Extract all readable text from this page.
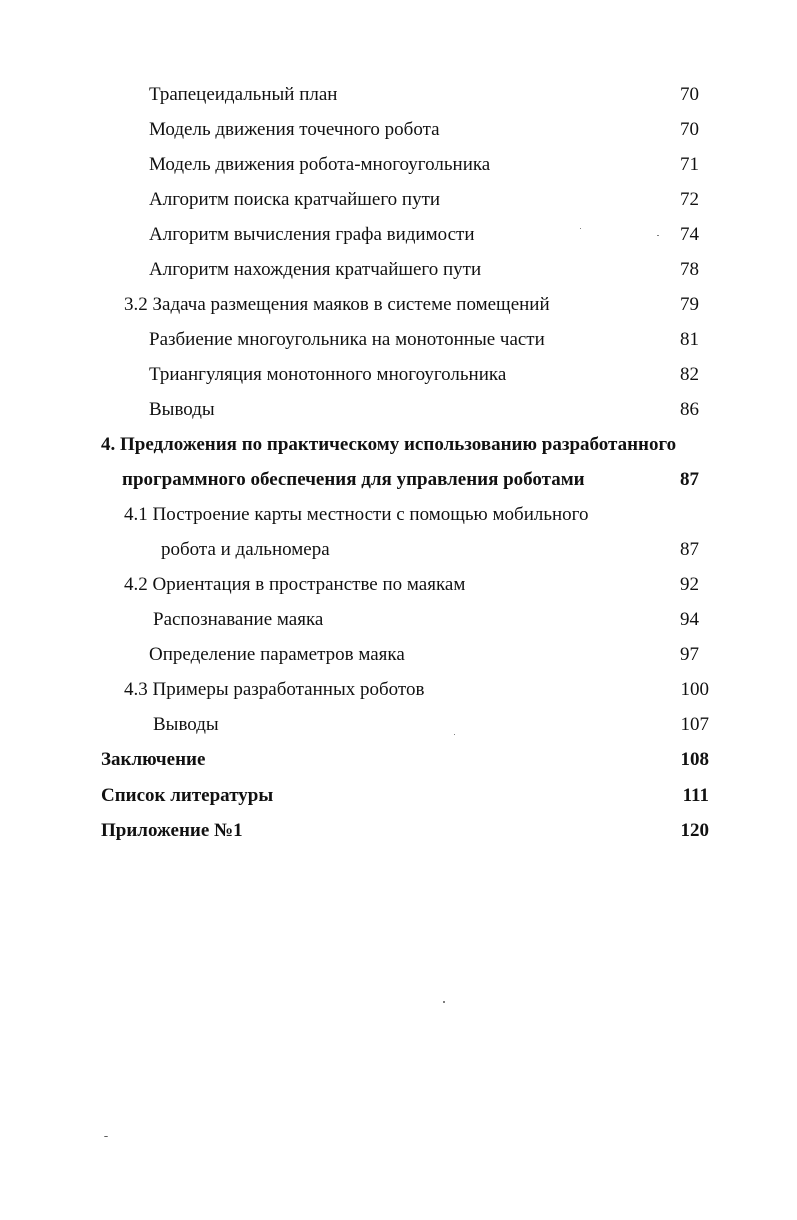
Трапецеидальный план	70
Модель движения точечного робота	70
Модель движения робота-многоугольника	71
Алгоритм поиска кратчайшего пути	72
Алгоритм вычисления графа видимости	74
Алгоритм нахождения кратчайшего пути	78
3.2 Задача размещения маяков в системе помещений	79
Разбиение многоугольника на монотонные части	81
Триангуляция монотонного многоугольника	82
Выводы	86
4. Предложения по практическому использованию разработанного
программного обеспечения для управления роботами	87
4.1 Построение карты местности с помощью мобильного
робота и дальномера	87
4.2 Ориентация в пространстве по маякам	92
Распознавание маяка	94
Определение параметров маяка	97
4.3 Примеры разработанных роботов	100
Выводы	107
Заключение	108
Список литературы	111
Приложение №1	120
